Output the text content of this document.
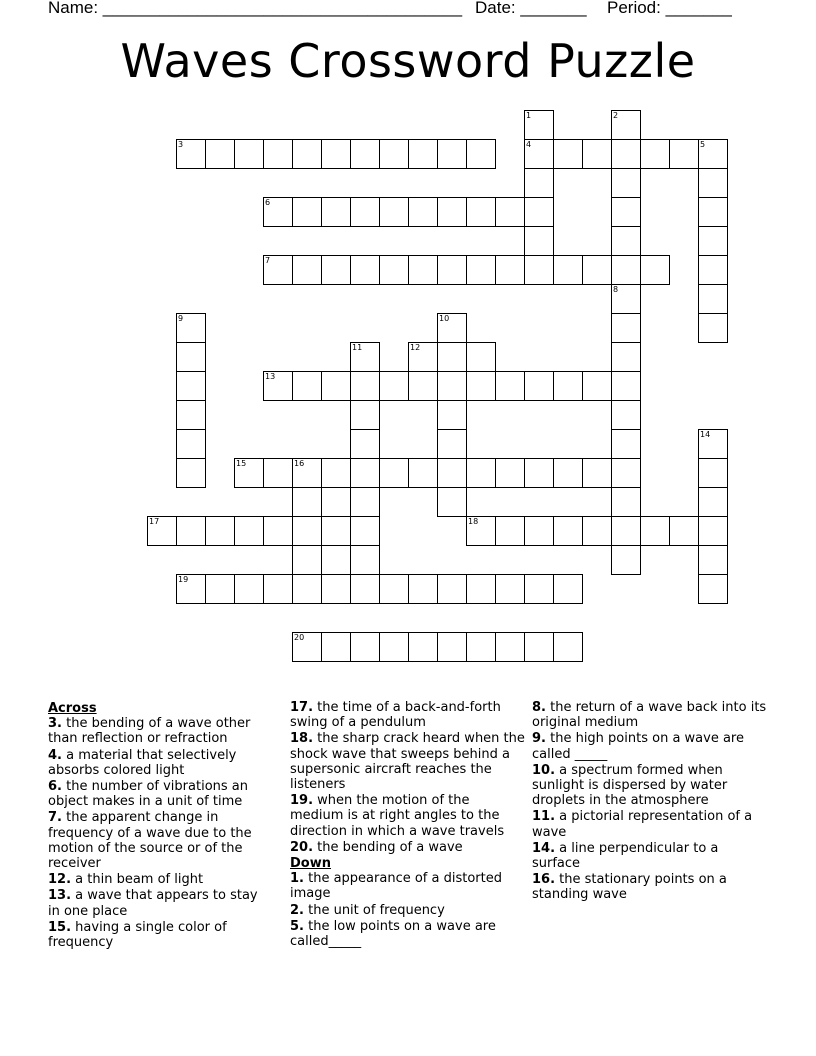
Name: ______________________________________ Date: _______ Period: _______
Waves Crossword Puzzle
1
4
2
3	5
6
7
8
9	10
11	12
13
14
15	16
17	18
19
20
Across
3. the bending of a wave other than reflection or refraction
4. a material that selectively absorbs colored light
6. the number of vibrations an object makes in a unit of time
7. the apparent change in frequency of a wave due to the motion of the source or of the receiver
12. a thin beam of light
13. a wave that appears to stay in one place
15. having a single color of frequency
17. the time of a back-and-forth swing of a pendulum
18. the sharp crack heard when the shock wave that sweeps behind a supersonic aircraft reaches the listeners
19. when the motion of the medium is at right angles to the direction in which a wave travels
20. the bending of a wave
Down
1. the appearance of a distorted image
2. the unit of frequency
5. the low points on a wave are called_____
8. the return of a wave back into its original medium
9. the high points on a wave are called _____
10. a spectrum formed when sunlight is dispersed by water droplets in the atmosphere
11. a pictorial representation of a wave
14. a line perpendicular to a surface
16. the stationary points on a standing wave
